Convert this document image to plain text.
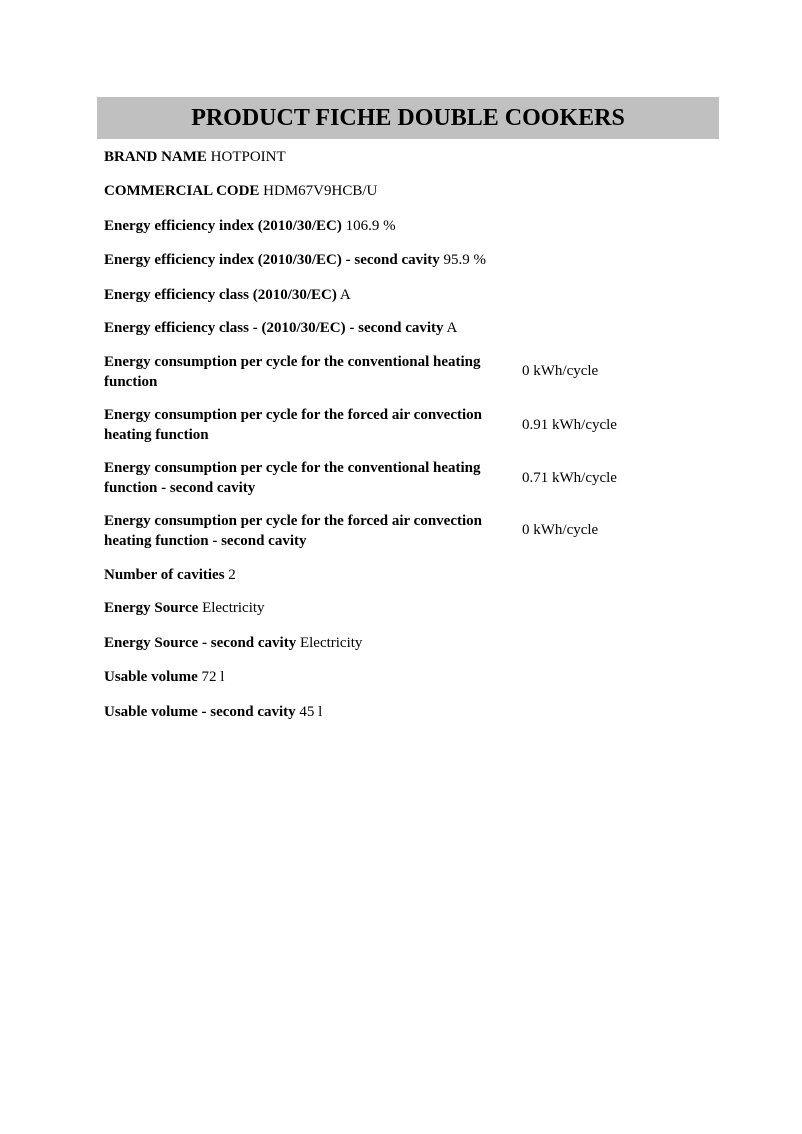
PRODUCT FICHE DOUBLE COOKERS
BRAND NAME HOTPOINT
COMMERCIAL CODE HDM67V9HCB/U
Energy efficiency index (2010/30/EC) 106.9 %
Energy efficiency index (2010/30/EC) - second cavity 95.9 %
Energy efficiency class (2010/30/EC) A
Energy efficiency class - (2010/30/EC) - second cavity A
Energy consumption per cycle for the conventional heating function
0 kWh/cycle
Energy consumption per cycle for the forced air convection heating function
0.91 kWh/cycle
Energy consumption per cycle for the conventional heating function - second cavity
0.71 kWh/cycle
Energy consumption per cycle for the forced air convection heating function - second cavity
0 kWh/cycle
Number of cavities 2
Energy Source Electricity
Energy Source - second cavity Electricity
Usable volume 72 l
Usable volume - second cavity 45 l
